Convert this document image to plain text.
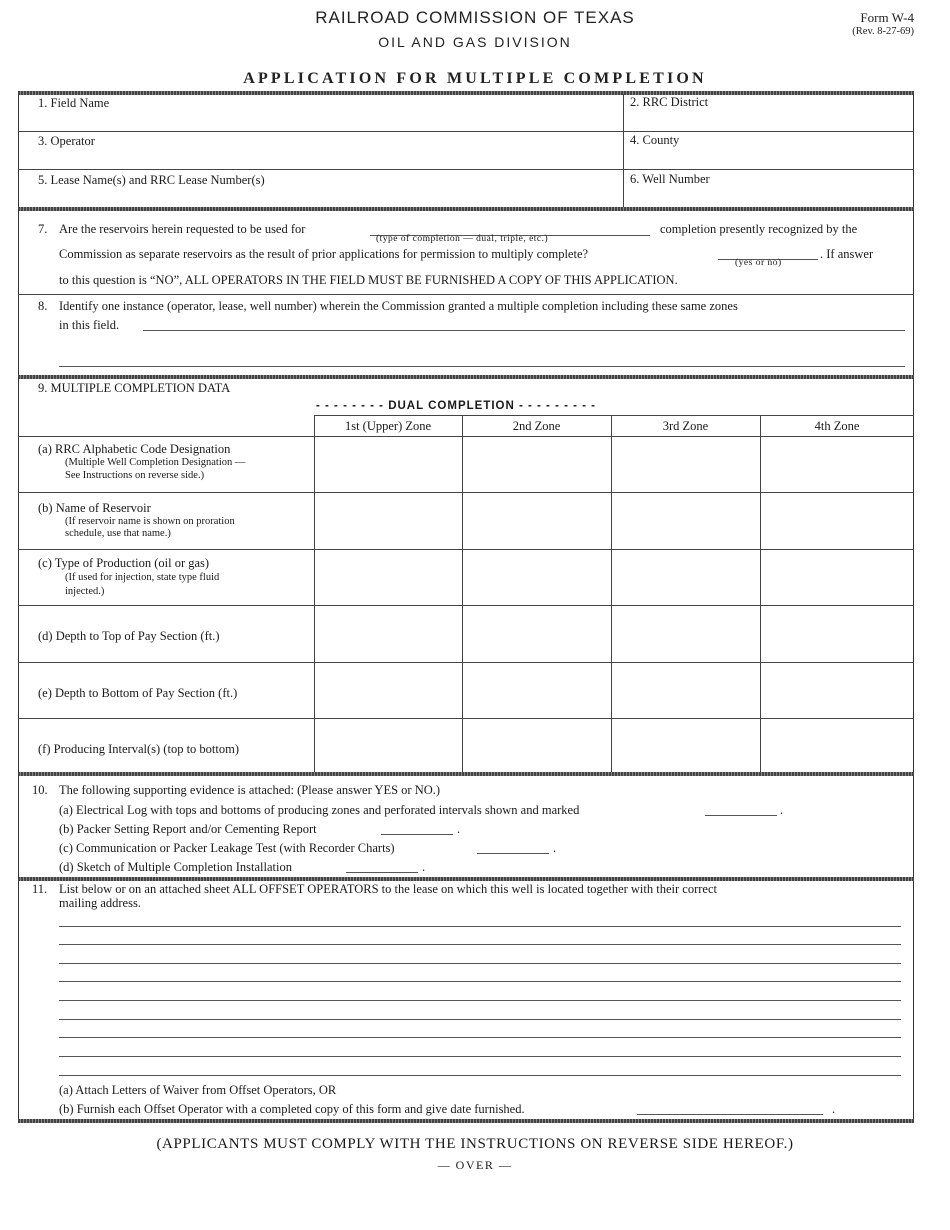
RAILROAD COMMISSION OF TEXAS
OIL AND GAS DIVISION
Form W-4
(Rev. 8-27-69)
APPLICATION FOR MULTIPLE COMPLETION
1. Field Name	2. RRC District
3. Operator	4. County
5. Lease Name(s) and RRC Lease Number(s)	6. Well Number
7. Are the reservoirs herein requested to be used for
(type of completion — dual, triple, etc.)
completion presently recognized by the
Commission as separate reservoirs as the result of prior applications for permission to multiply complete?
(yes or no)
. If answer
to this question is “NO”, ALL OPERATORS IN THE FIELD MUST BE FURNISHED A COPY OF THIS APPLICATION.
8. Identify one instance (operator, lease, well number) wherein the Commission granted a multiple completion including these same zones
in this field.
9. MULTIPLE COMPLETION DATA
- - - - - - - - DUAL COMPLETION - - - - - - - - -
1st (Upper) Zone	2nd Zone	3rd Zone	4th Zone
(a) RRC Alphabetic Code Designation
(Multiple Well Completion Designation —
See Instructions on reverse side.)
(b) Name of Reservoir
(If reservoir name is shown on proration
schedule, use that name.)
(c) Type of Production (oil or gas)
(If used for injection, state type fluid
injected.)
(d) Depth to Top of Pay Section (ft.)
(e) Depth to Bottom of Pay Section (ft.)
(f) Producing Interval(s) (top to bottom)
10. The following supporting evidence is attached: (Please answer YES or NO.)
(a) Electrical Log with tops and bottoms of producing zones and perforated intervals shown and marked	.
(b) Packer Setting Report and/or Cementing Report	.
(c) Communication or Packer Leakage Test (with Recorder Charts)	.
(d) Sketch of Multiple Completion Installation	.
11. List below or on an attached sheet ALL OFFSET OPERATORS to the lease on which this well is located together with their correct
mailing address.
(a) Attach Letters of Waiver from Offset Operators, OR
(b) Furnish each Offset Operator with a completed copy of this form and give date furnished.	.
(APPLICANTS MUST COMPLY WITH THE INSTRUCTIONS ON REVERSE SIDE HEREOF.)
— OVER —
